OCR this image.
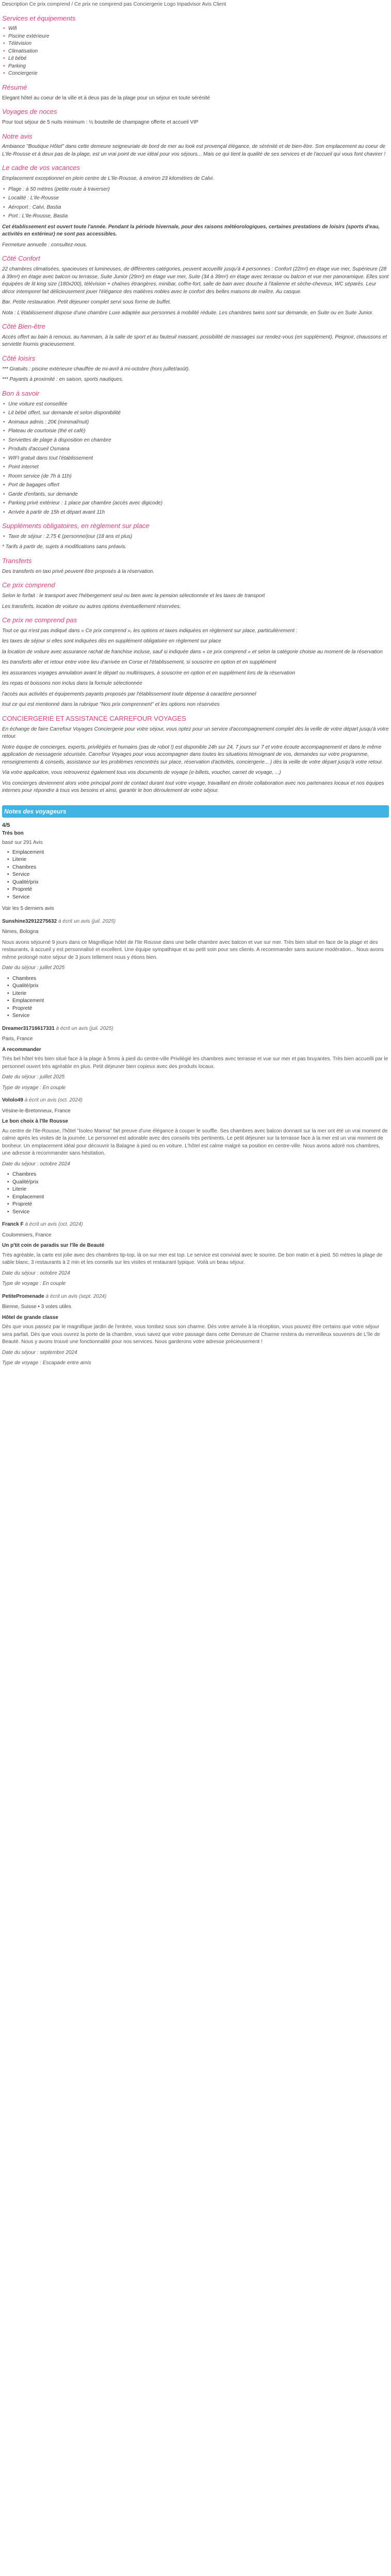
Description Ce prix comprend / Ce prix ne comprend pas Conciergerie Logo tripadvisor Avis Client
Services et équipements
• Wifi
• Piscine extérieure
• Télévision
• Climatisation
• Lit bébé
• Parking
• Conciergerie
Résumé

Elegant hôtel au coeur de la ville et à deux pas de la plage pour un séjour en toute sérénité

Voyages de noces

Pour tout séjour de 5 nuits minimum : ½ bouteille de champagne offerte et accueil VIP

Notre avis

Ambiance "Boutique Hôtel" dans cette demeure seigneuriale de bord de mer au look est provençal élégance, de sérénité et de bien-être. Son emplacement au coeur de L'Ile-Rousse et à deux pas de la plage, est un vrai point de vue idéal pour vos séjours... Mais ce qui tient la qualité de ses services et de l'accueil qui vous font chavirer !

Le cadre de vos vacances

Emplacement exceptionnel en plein centre de L'Ile-Rousse, à environ 23 kilomètres de Calvi.

• Plage : à 50 mètres (petite route à traverser)
• Localité : L'Ile-Rousse
• Aéroport : Calvi, Bastia
• Port : L'Ile-Rousse, Bastia

Cet établissement est ouvert toute l'année. Pendant la période hivernale, pour des raisons météorologiques, certaines prestations de loisirs (sports d'eau, activités en extérieur) ne sont pas accessibles.

Fermeture annuelle : consultez-nous.

Côté Confort

22 chambres climatisées, spacieuses et lumineuses, de différentes catégories, peuvent accueillir jusqu'à 4 personnes : Confort (22m²) en étage vue mer, Supérieure (28 à 39m²) en étage avec balcon ou terrasse, Suite Junior (29m²) en étage vue mer, Suite (34 à 39m²) en étage avec terrasse ou balcon et vue mer panoramique. Elles sont équipées de lit king size (180x200), télévision + chaînes étrangères, minibar, coffre-fort, salle de bain avec douche à l'italienne et sèche-cheveux, WC séparés. Leur décor intemporel fait délicieusement jouer l'élégance des matières nobles avec le confort des belles maisons de maître. Au casque.

Bar. Petite restauration. Petit déjeuner complet servi sous forme de buffet.

Nota : L'établissement dispose d'une chambre Luxe adaptée aux personnes à mobilité réduite. Les chambres twins sont sur demande, en Suite ou en Suite Junior.

Côté Bien-être

Accès offert au bain à remous, au hammam, à la salle de sport et au fauteuil massant, possibilité de massages sur rendez-vous (en supplément). Peignoir, chaussons et serviette fournis gracieusement.

Côté loisirs

*** Gratuits : piscine extérieure chauffée de mi-avril à mi-octobre (hors juillet/août).

*** Payants à proximité : en saison, sports nautiques.

Bon à savoir
• Une voiture est conseillée
• Lit bébé offert, sur demande et selon disponibilité
• Animaux admis : 20€ (minimal/nuit)
• Plateau de courtoisie (thé et café)
• Serviettes de plage à disposition en chambre
• Produits d'accueil Osmana
• WIFI gratuit dans tout l'établissement
• Point internet
• Room service (de 7h à 11h)
• Port de bagages offert
• Garde d'enfants, sur demande
• Parking privé extérieur : 1 place par chambre (accès avec digicode)
• Arrivée à partir de 15h et départ avant 11h
Suppléments obligatoires, en règlement sur place
• Taxe de séjour : 2,75 € (personne/jour (18 ans et plus)

* Tarifs à partir de, sujets à modifications sans préavis.

Transferts

Des transferts en taxi privé peuvent être proposés à la réservation.

Ce prix comprend

Selon le forfait : le transport avec l'hébergement seul ou bien avec la pension sélectionnée et les taxes de transport

Les transferts, location de voiture ou autres options éventuellement réservées.

Ce prix ne comprend pas

Tout ce qui n'est pas indiqué dans « Ce prix comprend », les options et taxes indiquées en règlement sur place, particulièrement :

les taxes de séjour si elles sont indiquées dès en supplément obligatoire en règlement sur place

la location de voiture avec assurance rachat de franchise incluse, sauf si indiquée dans « ce prix comprend » et selon la catégorie choisie au moment de la réservation

les transferts aller et retour entre votre lieu d'arrivée en Corse et l'établissement, si souscrire en option et en supplément

les assurances voyages annulation avant le départ ou multirisques, à souscrire en option et en supplément lors de la réservation

les repas et boissons non inclus dans la formule sélectionnée

l'accès aux activités et équipements payants proposés par l'établissement toute dépense à caractère personnel

tout ce qui est mentionné dans la rubrique "Nos prix comprennent" et les options non réservées

CONCIERGERIE ET ASSISTANCE CARREFOUR VOYAGES

En échange de faire Carrefour Voyages Conciergerie pour votre séjour, vous optez pour un service d'accompagnement complet dès la veille de votre départ jusqu'à votre retour.

Notre équipe de concierges, experts, privilégiés et humains (pas de robot !) est disponible 24h sur 24, 7 jours sur 7 et votre écoute accompagnement et dans le même application de messagerie sécurisée. Carrefour Voyages pour vous accompagner dans toutes les situations témoignant de vos, demandes sur votre programme, renseignements & conseils, assistance sur les problèmes rencontrés sur place, réservation d'activités, conciergerie... ) dès la veille de votre départ jusqu'à votre retour.

Via votre application, vous retrouverez également tous vos documents de voyage (e-billets, voucher, carnet de voyage, ...)

Vos concierges deviennent alors votre principal point de contact durant tout votre voyage, travaillant en étroite collaboration avec nos partenaires locaux et nos équipes internes pour répondre à tous vos besoins et ainsi, garantir le bon déroulement de votre séjour.

Notes des voyageurs
4/5
Très bon
basé sur 291 Avis
• Emplacement
• Literie
• Chambres
• Service
• Qualité/prix
• Propreté
• Service
Voir les 5 derniers avis
Sunshine32912275632 à écrit un avis (juil. 2025)
Nimes, Bologna
Nous avons séjourné 9 jours dans ce Magnifique hôtel de l'Ile Rousse dans une belle chambre avec balcon et vue sur mer. Très bien situé en face de la plage et des restaurants, à accueil y est personnalisé et excellent. Une équipe sympathique et au petit soin pour ses clients. A recommander sans aucune modération... Nous avons même prolongé notre séjour de 3 jours tellement nous y étions bien.
Date du séjour : juillet 2025
• Chambres
• Qualité/prix
• Literie
• Emplacement
• Propreté
• Service
Dreamer31716617331 à écrit un avis (juil. 2025)
Paris, France
A recommander
Très bel hôtel très bien situé face à la plage à 5mns à pied du centre-ville Privilégié les chambres avec terrasse et vue sur mer et pas bruyantes. Très bien accueilli par le personnel ouvert très agréable en plus. Petit déjeuner bien copieux avec des produits locaux.
Date du séjour : juillet 2025
Type de voyage : En couple
Vololo49 à écrit un avis (oct. 2024)
Vésine-le-Bretonneux, France
Le bon choix à l'Ile Rousse
Au centre de l'Ile-Rousse, l'hôtel "Isoleo Marina" fait preuve d'une élégance à couper le souffle. Ses chambres avec balcon donnant sur la mer ont été un vrai moment de calme après les visites de la journée. Le personnel est adorable avec des conseils très pertinents. Le petit déjeuner sur la terrasse face à la mer est un vrai moment de bonheur. Un emplacement idéal pour découvrir la Balagne à pied ou en voiture. L'hôtel est calme malgré sa position en centre-ville. Nous avons adoré nos chambres, une adresse à recommander sans hésitation.
Date du séjour : octobre 2024
• Chambres
• Qualité/prix
• Literie
• Emplacement
• Propreté
• Service
Franck F à écrit un avis (oct. 2024)
Coulommiers, France
Un p'tit coin de paradis sur l'île de Beauté
Très agréable, la carte est jolie avec des chambres tip-top, là on sur mer est top. Le service est convivial avec le sourire. De bon matin et à pied. 50 mètres la plage de sable blanc, 3 restaurants à 2 min et les conseils sur les visites et restaurant typique. Voilà un beau séjour.
Date du séjour : octobre 2024
Type de voyage : En couple
PetitePromenade à écrit un avis (sept. 2024)
Bienne, Suisse • 3 votes utiles
Hôtel de grande classe
Dès que vous passez par le magnifique jardin de l'entrée, vous tombez sous son charme. Dès votre arrivée à la réception, vous pouvez être certains que votre séjour sera parfait. Dès que vous ouvrez la porte de la chambre, vous savez que votre passage dans cette Demeure de Charme restera du merveilleux souvenirs de L'île de Beauté. Nous y avons trouvé une fonctionnalité pour nos services. Nous garderons votre adresse précieusement !
Date du séjour : septembre 2024
Type de voyage : Escapade entre amis
